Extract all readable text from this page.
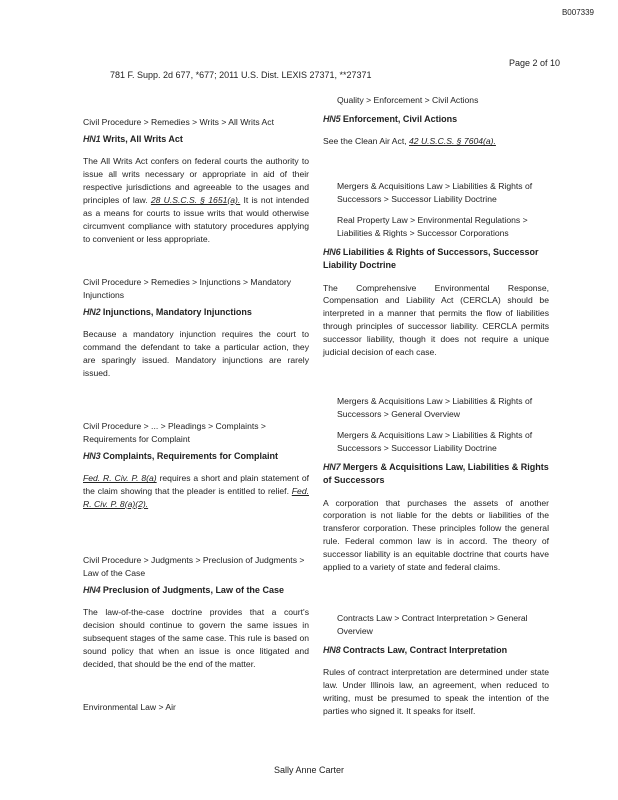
B007339
Page 2 of 10
781 F. Supp. 2d 677, *677; 2011 U.S. Dist. LEXIS 27371, **27371
Civil Procedure > Remedies > Writs > All Writs Act
HN1 Writs, All Writs Act
The All Writs Act confers on federal courts the authority to issue all writs necessary or appropriate in aid of their respective jurisdictions and agreeable to the usages and principles of law. 28 U.S.C.S. § 1651(a). It is not intended as a means for courts to issue writs that would otherwise circumvent compliance with statutory procedures applying to convenient or less appropriate.
Civil Procedure > Remedies > Injunctions > Mandatory Injunctions
HN2 Injunctions, Mandatory Injunctions
Because a mandatory injunction requires the court to command the defendant to take a particular action, they are sparingly issued. Mandatory injunctions are rarely issued.
Civil Procedure > ... > Pleadings > Complaints > Requirements for Complaint
HN3 Complaints, Requirements for Complaint
Fed. R. Civ. P. 8(a) requires a short and plain statement of the claim showing that the pleader is entitled to relief. Fed. R. Civ. P. 8(a)(2).
Civil Procedure > Judgments > Preclusion of Judgments > Law of the Case
HN4 Preclusion of Judgments, Law of the Case
The law-of-the-case doctrine provides that a court's decision should continue to govern the same issues in subsequent stages of the same case. This rule is based on sound policy that when an issue is once litigated and decided, that should be the end of the matter.
Environmental Law > Air
Quality > Enforcement > Civil Actions
HN5 Enforcement, Civil Actions
See the Clean Air Act, 42 U.S.C.S. § 7604(a).
Mergers & Acquisitions Law > Liabilities & Rights of Successors > Successor Liability Doctrine
Real Property Law > Environmental Regulations > Liabilities & Rights > Successor Corporations
HN6 Liabilities & Rights of Successors, Successor Liability Doctrine
The Comprehensive Environmental Response, Compensation and Liability Act (CERCLA) should be interpreted in a manner that permits the flow of liabilities through principles of successor liability. CERCLA permits successor liability, though it does not require a unique judicial decision of each case.
Mergers & Acquisitions Law > Liabilities & Rights of Successors > General Overview
Mergers & Acquisitions Law > Liabilities & Rights of Successors > Successor Liability Doctrine
HN7 Mergers & Acquisitions Law, Liabilities & Rights of Successors
A corporation that purchases the assets of another corporation is not liable for the debts or liabilities of the transferor corporation. These principles follow the general rule. Federal common law is in accord. The theory of successor liability is an equitable doctrine that courts have applied to a variety of state and federal claims.
Contracts Law > Contract Interpretation > General Overview
HN8 Contracts Law, Contract Interpretation
Rules of contract interpretation are determined under state law. Under Illinois law, an agreement, when reduced to writing, must be presumed to speak the intention of the parties who signed it. It speaks for itself.
Sally Anne Carter
